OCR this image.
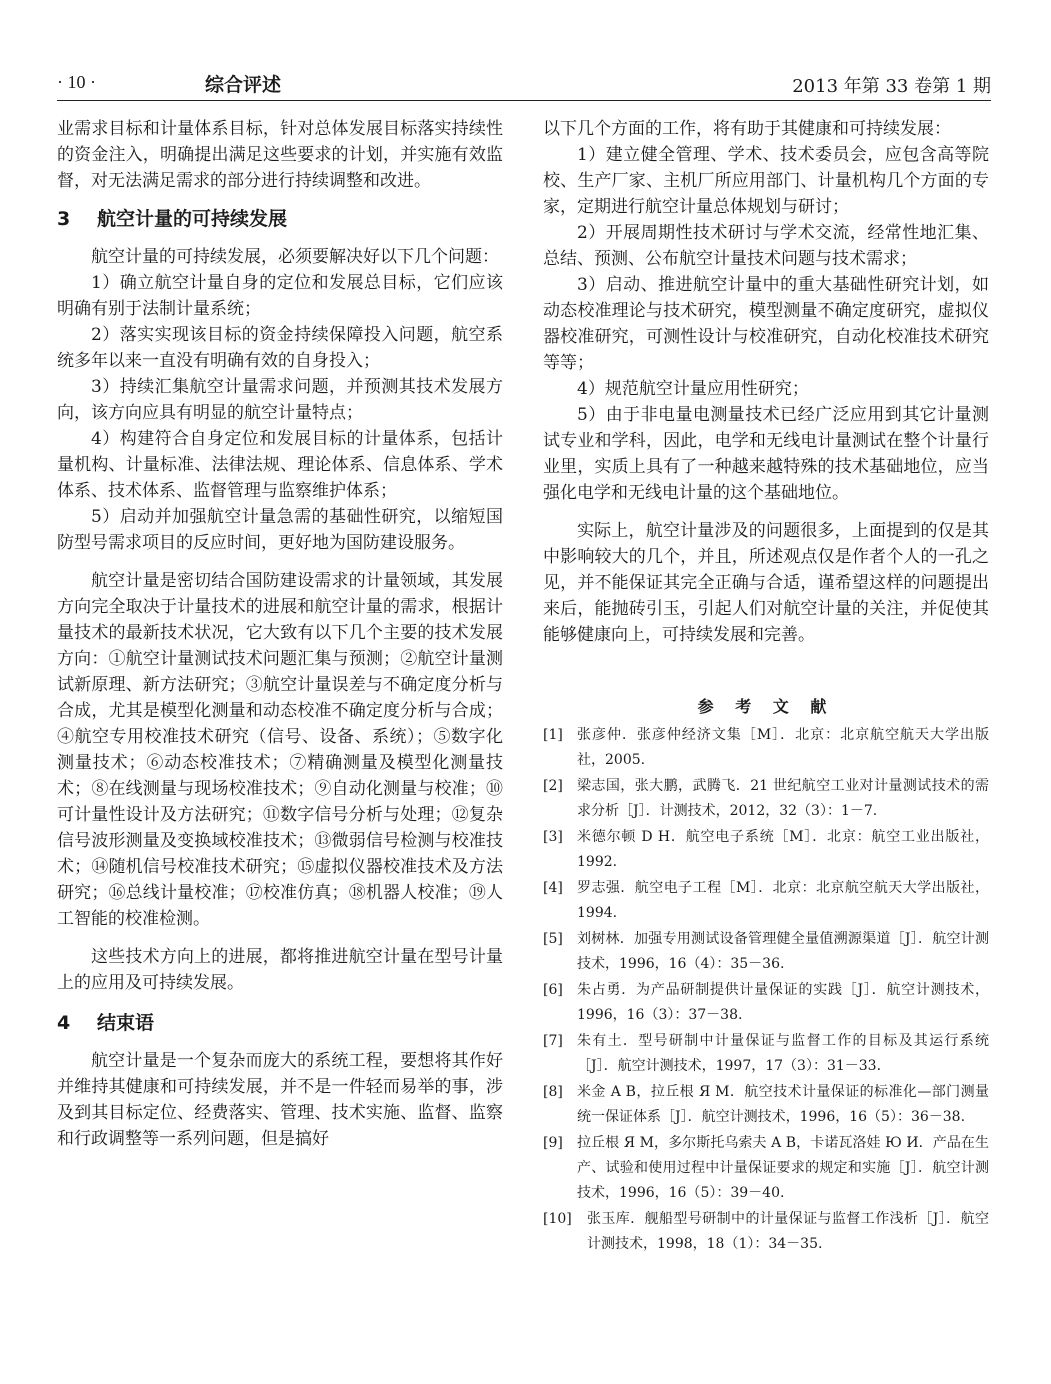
· 10 ·	综合评述	2013 年第 33 卷第 1 期

业需求目标和计量体系目标，针对总体发展目标落实持续性的资金注入，明确提出满足这些要求的计划，并实施有效监督，对无法满足需求的部分进行持续调整和改进。

3 航空计量的可持续发展

航空计量的可持续发展，必须要解决好以下几个问题：

1）确立航空计量自身的定位和发展总目标，它们应该明确有别于法制计量系统；

2）落实实现该目标的资金持续保障投入问题，航空系统多年以来一直没有明确有效的自身投入；

3）持续汇集航空计量需求问题，并预测其技术发展方向，该方向应具有明显的航空计量特点；

4）构建符合自身定位和发展目标的计量体系，包括计量机构、计量标准、法律法规、理论体系、信息体系、学术体系、技术体系、监督管理与监察维护体系；

5）启动并加强航空计量急需的基础性研究，以缩短国防型号需求项目的反应时间，更好地为国防建设服务。

航空计量是密切结合国防建设需求的计量领域，其发展方向完全取决于计量技术的进展和航空计量的需求，根据计量技术的最新技术状况，它大致有以下几个主要的技术发展方向：①航空计量测试技术问题汇集与预测；②航空计量测试新原理、新方法研究；③航空计量误差与不确定度分析与合成，尤其是模型化测量和动态校准不确定度分析与合成；④航空专用校准技术研究（信号、设备、系统）；⑤数字化测量技术；⑥动态校准技术；⑦精确测量及模型化测量技术；⑧在线测量与现场校准技术；⑨自动化测量与校准；⑩可计量性设计及方法研究；⑪数字信号分析与处理；⑫复杂信号波形测量及变换域校准技术；⑬微弱信号检测与校准技术；⑭随机信号校准技术研究；⑮虚拟仪器校准技术及方法研究；⑯总线计量校准；⑰校准仿真；⑱机器人校准；⑲人工智能的校准检测。

这些技术方向上的进展，都将推进航空计量在型号计量上的应用及可持续发展。

4 结束语

航空计量是一个复杂而庞大的系统工程，要想将其作好并维持其健康和可持续发展，并不是一件轻而易举的事，涉及到其目标定位、经费落实、管理、技术实施、监督、监察和行政调整等一系列问题，但是搞好

以下几个方面的工作，将有助于其健康和可持续发展：

1）建立健全管理、学术、技术委员会，应包含高等院校、生产厂家、主机厂所应用部门、计量机构几个方面的专家，定期进行航空计量总体规划与研讨；

2）开展周期性技术研讨与学术交流，经常性地汇集、总结、预测、公布航空计量技术问题与技术需求；

3）启动、推进航空计量中的重大基础性研究计划，如动态校准理论与技术研究，模型测量不确定度研究，虚拟仪器校准研究，可测性设计与校准研究，自动化校准技术研究等等；

4）规范航空计量应用性研究；

5）由于非电量电测量技术已经广泛应用到其它计量测试专业和学科，因此，电学和无线电计量测试在整个计量行业里，实质上具有了一种越来越特殊的技术基础地位，应当强化电学和无线电计量的这个基础地位。

实际上，航空计量涉及的问题很多，上面提到的仅是其中影响较大的几个，并且，所述观点仅是作者个人的一孔之见，并不能保证其完全正确与合适，谨希望这样的问题提出来后，能抛砖引玉，引起人们对航空计量的关注，并促使其能够健康向上，可持续发展和完善。

参 考 文 献
[1] 张彦仲．张彦仲经济文集［M］．北京：北京航空航天大学出版社，2005.
[2] 梁志国，张大鹏，武腾飞．21 世纪航空工业对计量测试技术的需求分析［J］．计测技术，2012，32（3）：1－7.
[3] 米德尔顿 D H．航空电子系统［M］．北京：航空工业出版社，1992.
[4] 罗志强．航空电子工程［M］．北京：北京航空航天大学出版社，1994.
[5] 刘树林．加强专用测试设备管理健全量值溯源渠道［J］．航空计测技术，1996，16（4）：35－36.
[6] 朱占勇．为产品研制提供计量保证的实践［J］．航空计测技术，1996，16（3）：37－38.
[7] 朱有土．型号研制中计量保证与监督工作的目标及其运行系统［J］．航空计测技术，1997，17（3）：31－33.
[8] 米金 A B，拉丘根 Я M．航空技术计量保证的标准化—部门测量统一保证体系［J］．航空计测技术，1996，16（5）：36－38.
[9] 拉丘根 Я M，多尔斯托乌索夫 A B，卡诺瓦洛娃 Ю И．产品在生产、试验和使用过程中计量保证要求的规定和实施［J］．航空计测技术，1996，16（5）：39－40.
[10] 张玉库．舰船型号研制中的计量保证与监督工作浅析［J］．航空计测技术，1998，18（1）：34－35.
